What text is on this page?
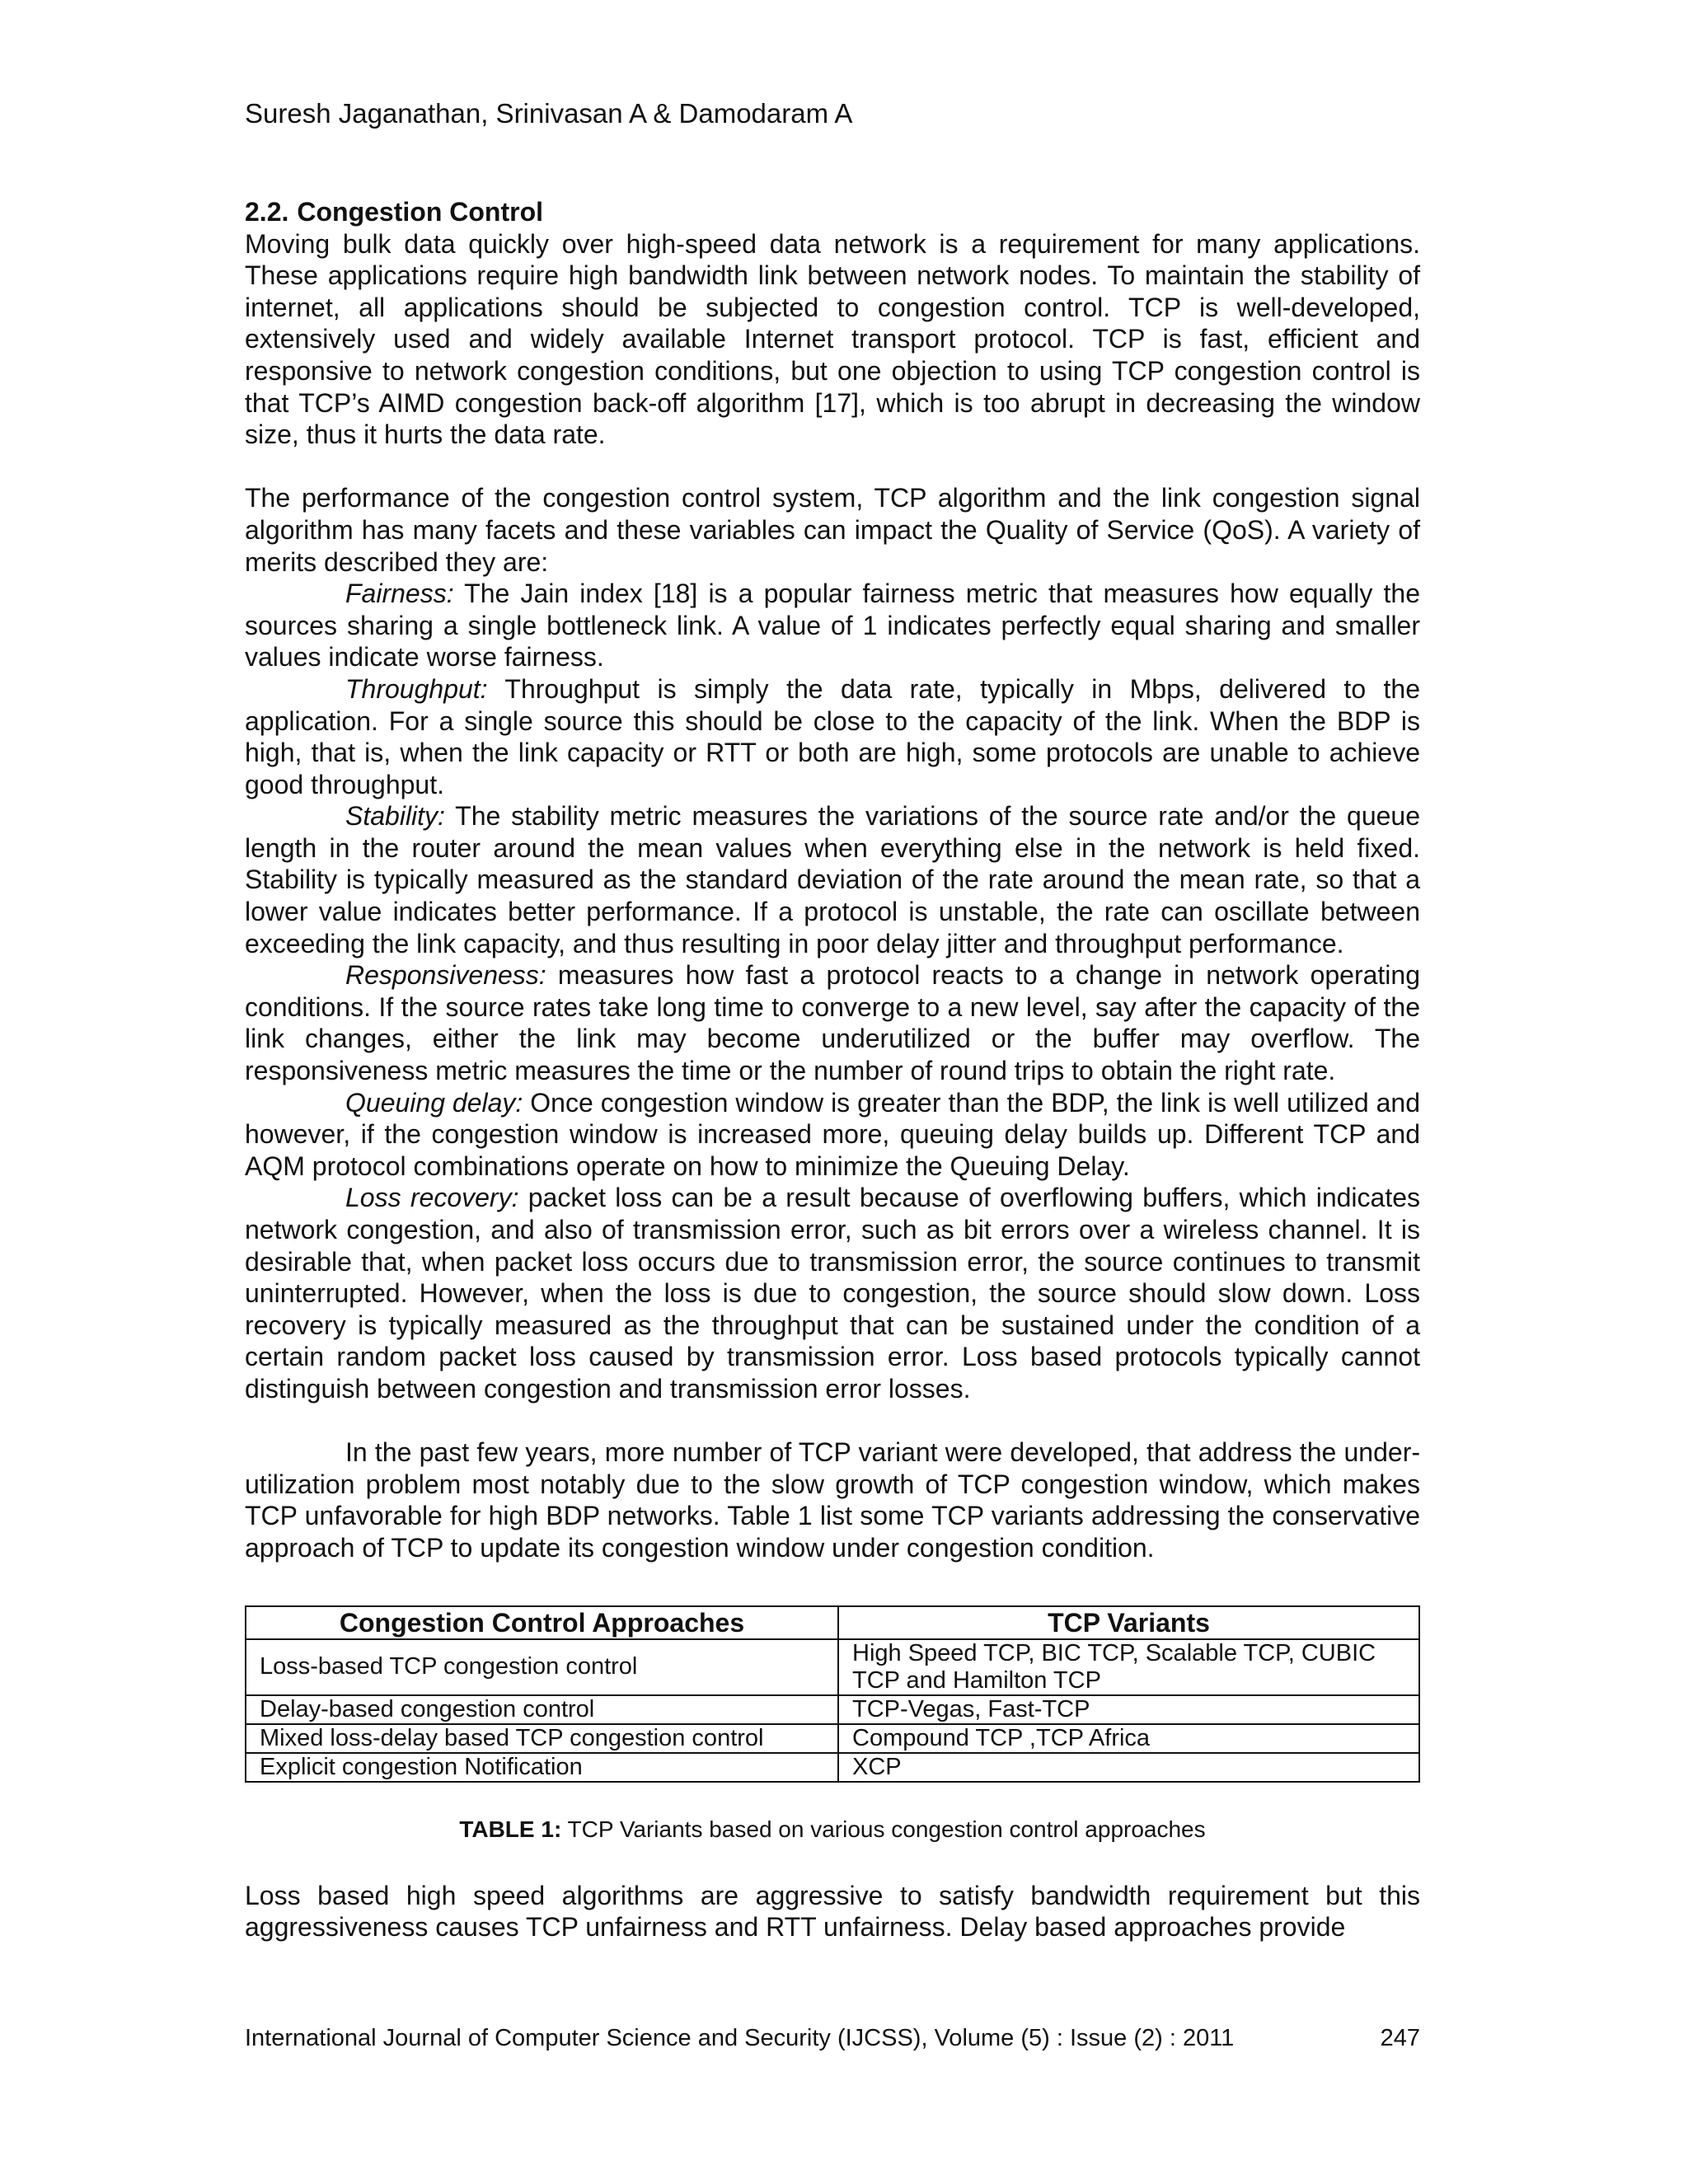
Suresh Jaganathan, Srinivasan A & Damodaram A
2.2. Congestion Control

Moving bulk data quickly over high-speed data network is a requirement for many applications. These applications require high bandwidth link between network nodes. To maintain the stability of internet, all applications should be subjected to congestion control. TCP is well-developed, extensively used and widely available Internet transport protocol. TCP is fast, efficient and responsive to network congestion conditions, but one objection to using TCP congestion control is that TCP’s AIMD congestion back-off algorithm [17], which is too abrupt in decreasing the window size, thus it hurts the data rate.

The performance of the congestion control system, TCP algorithm and the link congestion signal algorithm has many facets and these variables can impact the Quality of Service (QoS). A variety of merits described they are:

Fairness: The Jain index [18] is a popular fairness metric that measures how equally the sources sharing a single bottleneck link. A value of 1 indicates perfectly equal sharing and smaller values indicate worse fairness.

Throughput: Throughput is simply the data rate, typically in Mbps, delivered to the application. For a single source this should be close to the capacity of the link. When the BDP is high, that is, when the link capacity or RTT or both are high, some protocols are unable to achieve good throughput.

Stability: The stability metric measures the variations of the source rate and/or the queue length in the router around the mean values when everything else in the network is held fixed. Stability is typically measured as the standard deviation of the rate around the mean rate, so that a lower value indicates better performance. If a protocol is unstable, the rate can oscillate between exceeding the link capacity, and thus resulting in poor delay jitter and throughput performance.

Responsiveness: measures how fast a protocol reacts to a change in network operating conditions. If the source rates take long time to converge to a new level, say after the capacity of the link changes, either the link may become underutilized or the buffer may overflow. The responsiveness metric measures the time or the number of round trips to obtain the right rate.

Queuing delay: Once congestion window is greater than the BDP, the link is well utilized and however, if the congestion window is increased more, queuing delay builds up. Different TCP and AQM protocol combinations operate on how to minimize the Queuing Delay.

Loss recovery: packet loss can be a result because of overflowing buffers, which indicates network congestion, and also of transmission error, such as bit errors over a wireless channel. It is desirable that, when packet loss occurs due to transmission error, the source continues to transmit uninterrupted. However, when the loss is due to congestion, the source should slow down. Loss recovery is typically measured as the throughput that can be sustained under the condition of a certain random packet loss caused by transmission error. Loss based protocols typically cannot distinguish between congestion and transmission error losses.

In the past few years, more number of TCP variant were developed, that address the under-utilization problem most notably due to the slow growth of TCP congestion window, which makes TCP unfavorable for high BDP networks. Table 1 list some TCP variants addressing the conservative approach of TCP to update its congestion window under congestion condition.

Congestion Control Approaches	TCP Variants
Loss-based TCP congestion control	High Speed TCP, BIC TCP, Scalable TCP, CUBIC TCP and Hamilton TCP
Delay-based congestion control	TCP-Vegas, Fast-TCP
Mixed loss-delay based TCP congestion control	Compound TCP ,TCP Africa
Explicit congestion Notification	XCP
TABLE 1: TCP Variants based on various congestion control approaches

Loss based high speed algorithms are aggressive to satisfy bandwidth requirement but this aggressiveness causes TCP unfairness and RTT unfairness. Delay based approaches provide

International Journal of Computer Science and Security (IJCSS), Volume (5) : Issue (2) : 2011	247
